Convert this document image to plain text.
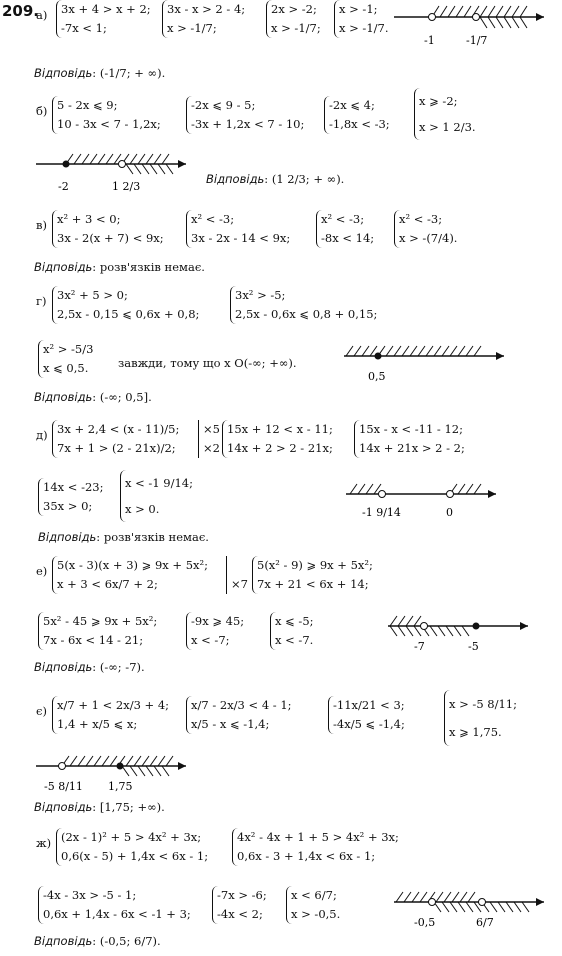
209.
а) 3x + 4 > x + 2;
-7x < 1;
3x - x > 2 - 4;
x > -1/7;
2x > -2;
x > -1/7;
x > -1;
x > -1/7.
-1	-1/7
Відповідь: (-1/7; + ∞).
б) 5 - 2x ⩽ 9;
10 - 3x < 7 - 1,2x;
-2x ⩽ 9 - 5;
-3x + 1,2x < 7 - 10;
-2x ⩽ 4;
-1,8x < -3;
x ⩾ -2;
x > 1 2/3.
-2	1 2/3
Відповідь: (1 2/3; + ∞).
в) x² + 3 < 0;
3x - 2(x + 7) < 9x;
x² < -3;
3x - 2x - 14 < 9x;
x² < -3;
-8x < 14;
x² < -3;
x > -(7/4).
Відповідь: розв'язків немає.
г) 3x² + 5 > 0;
2,5x - 0,15 ⩽ 0,6x + 0,8;
3x² > -5;
2,5x - 0,6x ⩽ 0,8 + 0,15;
x² > -5/3
x ⩽ 0,5.	завжди, тому що x O(-∞; +∞).
0,5
Відповідь: (-∞; 0,5].
д) 3x + 2,4 < (x - 11)/5;
7x + 1 > (2 - 21x)/2;
×5
×2
15x + 12 < x - 11;
14x + 2 > 2 - 21x;
15x - x < -11 - 12;
14x + 21x > 2 - 2;
14x < -23;
35x > 0;
x < -1 9/14;
x > 0.	-1 9/14	0
Відповідь: розв'язків немає.
е) 5(x - 3)(x + 3) ⩾ 9x + 5x²;
x + 3 < 6x/7 + 2;
	×7
5(x² - 9) ⩾ 9x + 5x²;
7x + 21 < 6x + 14;
5x² - 45 ⩾ 9x + 5x²;
7x - 6x < 14 - 21;
-9x ⩾ 45;
x < -7;
x ⩽ -5;
x < -7.	-7	-5
Відповідь: (-∞; -7).
є) x/7 + 1 < 2x/3 + 4;
1,4 + x/5 ⩽ x;
x/7 - 2x/3 < 4 - 1;
x/5 - x ⩽ -1,4;
-11x/21 < 3;
-4x/5 ⩽ -1,4;
x > -5 8/11;
x ⩾ 1,75.
-5 8/11 1,75
Відповідь: [1,75; +∞).
ж) (2x - 1)² + 5 > 4x² + 3x;
0,6(x - 5) + 1,4x < 6x - 1;
4x² - 4x + 1 + 5 > 4x² + 3x;
0,6x - 3 + 1,4x < 6x - 1;
-4x - 3x > -5 - 1;
0,6x + 1,4x - 6x < -1 + 3;
-7x > -6;
-4x < 2;
x < 6/7;
x > -0,5.
-0,5	6/7
Відповідь: (-0,5; 6/7).
